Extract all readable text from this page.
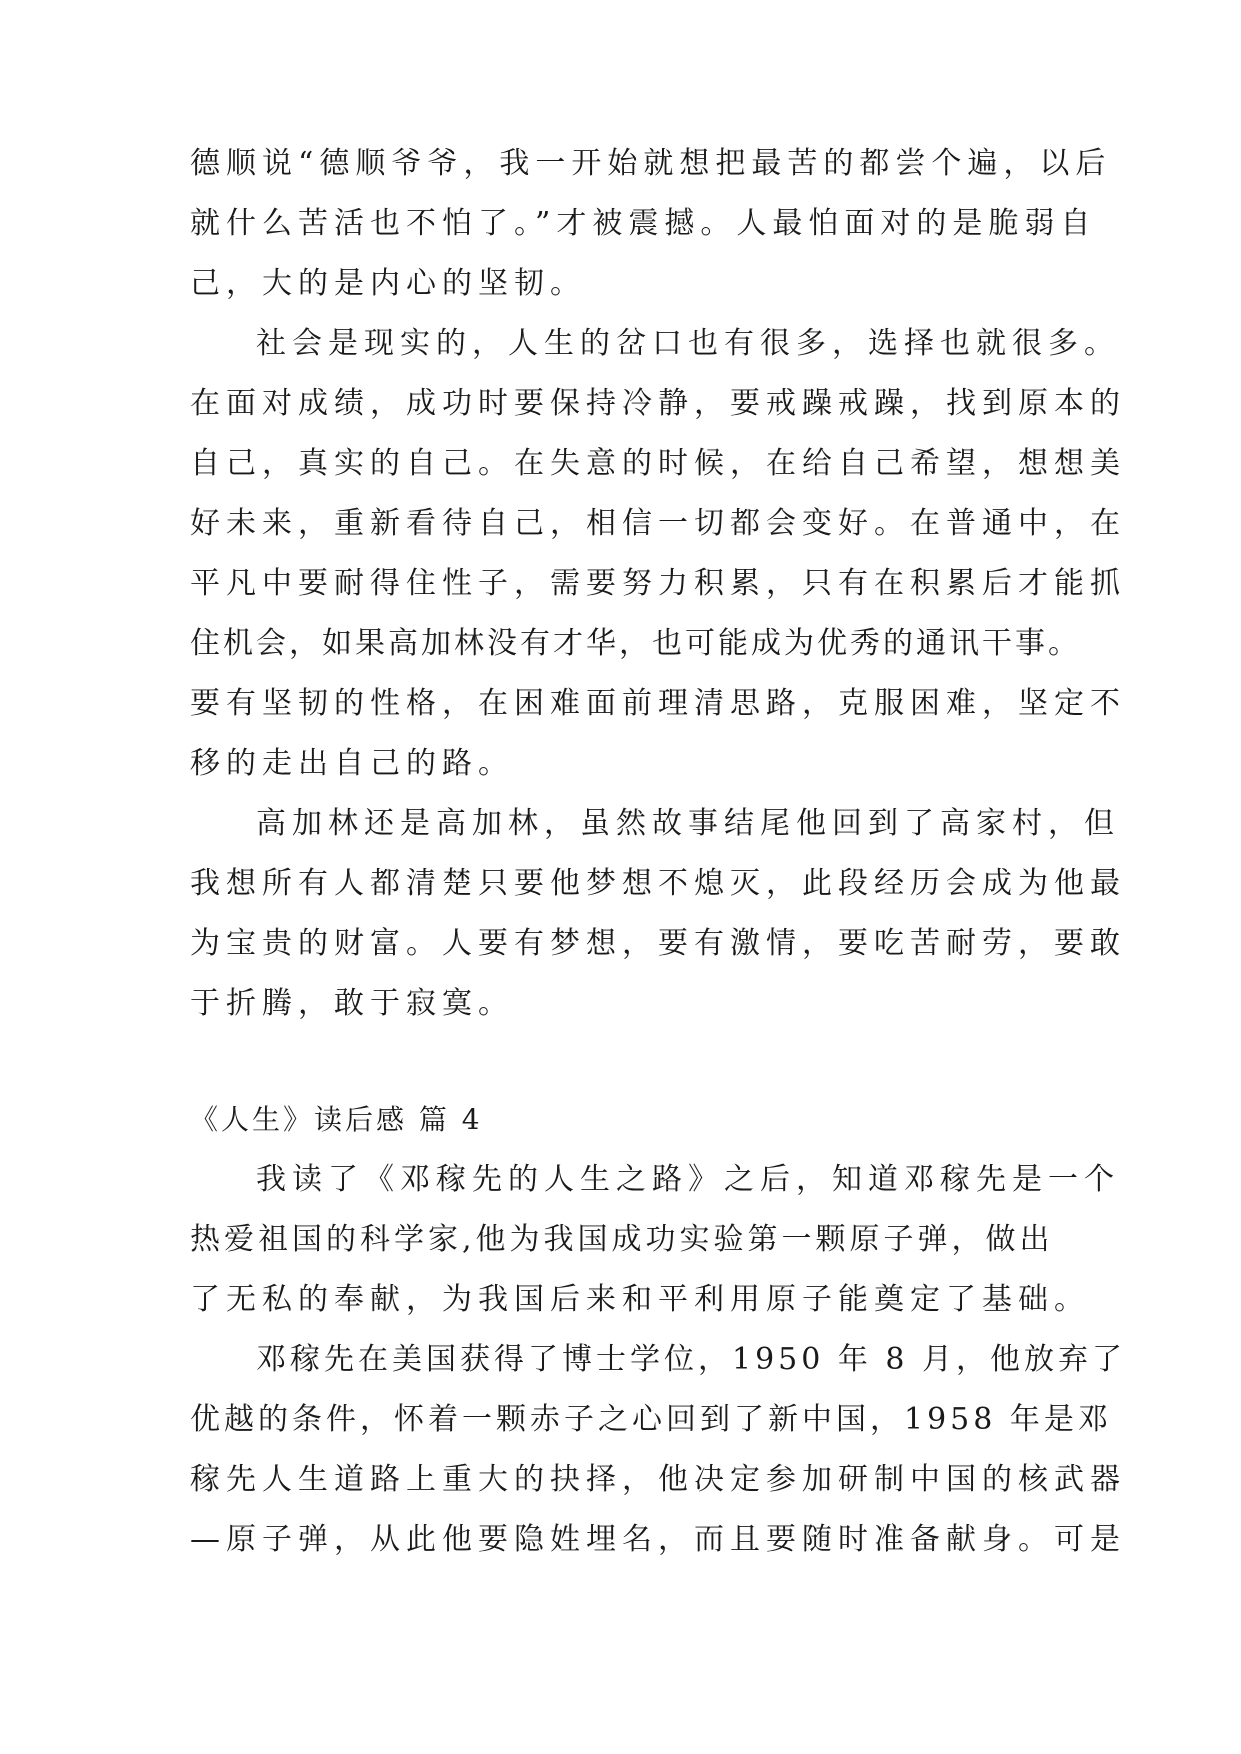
德顺说“德顺爷爷，我一开始就想把最苦的都尝个遍，以后
就什么苦活也不怕了。”才被震撼。人最怕面对的是脆弱自
己，大的是内心的坚韧。
社会是现实的，人生的岔口也有很多，选择也就很多。
在面对成绩，成功时要保持冷静，要戒躁戒躁，找到原本的
自己，真实的自己。在失意的时候，在给自己希望，想想美
好未来，重新看待自己，相信一切都会变好。在普通中，在
平凡中要耐得住性子，需要努力积累，只有在积累后才能抓
住机会，如果高加林没有才华，也可能成为优秀的通讯干事。
要有坚韧的性格，在困难面前理清思路，克服困难，坚定不
移的走出自己的路。
高加林还是高加林，虽然故事结尾他回到了高家村，但
我想所有人都清楚只要他梦想不熄灭，此段经历会成为他最
为宝贵的财富。人要有梦想，要有激情，要吃苦耐劳，要敢
于折腾，敢于寂寞。
《人生》读后感 篇 4
我读了《邓稼先的人生之路》之后，知道邓稼先是一个
热爱祖国的科学家,他为我国成功实验第一颗原子弹，做出
了无私的奉献，为我国后来和平利用原子能奠定了基础。
邓稼先在美国获得了博士学位，1950 年 8 月，他放弃了
优越的条件，怀着一颗赤子之心回到了新中国，1958 年是邓
稼先人生道路上重大的抉择，他决定参加研制中国的核武器
—原子弹，从此他要隐姓埋名，而且要随时准备献身。可是
